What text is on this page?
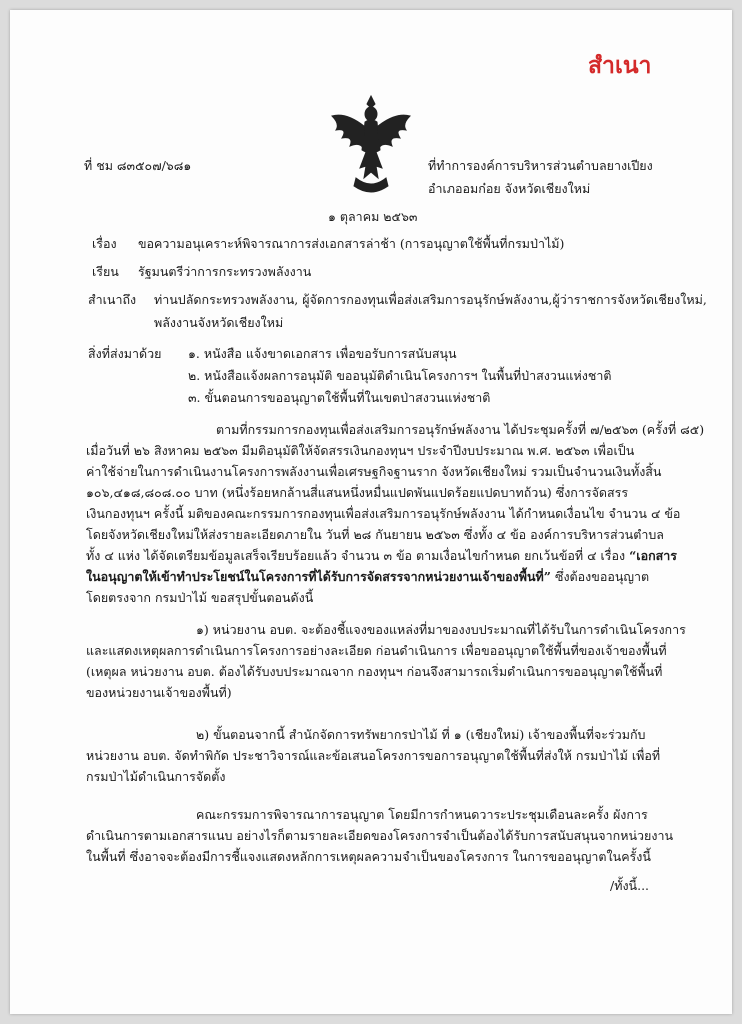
สำเนา
ที่ ชม ๘๓๕๐๗/๖๘๑	ที่ทำการองค์การบริหารส่วนตำบลยางเปียง
อำเภออมก๋อย จังหวัดเชียงใหม่
๑ ตุลาคม ๒๕๖๓
เรื่อง ขอความอนุเคราะห์พิจารณาการส่งเอกสารล่าช้า (การอนุญาตใช้พื้นที่กรมป่าไม้)
เรียน รัฐมนตรีว่าการกระทรวงพลังงาน
สำเนาถึง ท่านปลัดกระทรวงพลังงาน, ผู้จัดการกองทุนเพื่อส่งเสริมการอนุรักษ์พลังงาน,ผู้ว่าราชการจังหวัดเชียงใหม่,
พลังงานจังหวัดเชียงใหม่
สิ่งที่ส่งมาด้วย ๑. หนังสือ แจ้งขาดเอกสาร เพื่อขอรับการสนับสนุน
๒. หนังสือแจ้งผลการอนุมัติ ขออนุมัติดำเนินโครงการฯ ในพื้นที่ป่าสงวนแห่งชาติ
๓. ขั้นตอนการขออนุญาตใช้พื้นที่ในเขตป่าสงวนแห่งชาติ
ตามที่กรรมการกองทุนเพื่อส่งเสริมการอนุรักษ์พลังงาน ได้ประชุมครั้งที่ ๗/๒๕๖๓ (ครั้งที่ ๘๕)
เมื่อวันที่ ๒๖ สิงหาคม ๒๕๖๓ มีมติอนุมัติให้จัดสรรเงินกองทุนฯ ประจำปีงบประมาณ พ.ศ. ๒๕๖๓ เพื่อเป็น
ค่าใช้จ่ายในการดำเนินงานโครงการพลังงานเพื่อเศรษฐกิจฐานราก จังหวัดเชียงใหม่ รวมเป็นจำนวนเงินทั้งสิ้น
๑๐๖,๔๑๘,๘๐๘.๐๐ บาท (หนึ่งร้อยหกล้านสี่แสนหนึ่งหมื่นแปดพันแปดร้อยแปดบาทถ้วน) ซึ่งการจัดสรร
เงินกองทุนฯ ครั้งนี้ มติของคณะกรรมการกองทุนเพื่อส่งเสริมการอนุรักษ์พลังงาน ได้กำหนดเงื่อนไข จำนวน ๔ ข้อ
โดยจังหวัดเชียงใหม่ให้ส่งรายละเอียดภายใน วันที่ ๒๘ กันยายน ๒๕๖๓ ซึ่งทั้ง ๔ ข้อ องค์การบริหารส่วนตำบล
ทั้ง ๔ แห่ง ได้จัดเตรียมข้อมูลเสร็จเรียบร้อยแล้ว จำนวน ๓ ข้อ ตามเงื่อนไขกำหนด ยกเว้นข้อที่ ๔ เรื่อง “เอกสาร
ในอนุญาตให้เข้าทำประโยชน์ในโครงการที่ได้รับการจัดสรรจากหน่วยงานเจ้าของพื้นที่” ซึ่งต้องขออนุญาต
โดยตรงจาก กรมป่าไม้ ขอสรุปขั้นตอนดังนี้
๑) หน่วยงาน อบต. จะต้องชี้แจงของแหล่งที่มาของงบประมาณที่ได้รับในการดำเนินโครงการ
และแสดงเหตุผลการดำเนินการโครงการอย่างละเอียด ก่อนดำเนินการ เพื่อขออนุญาตใช้พื้นที่ของเจ้าของพื้นที่
(เหตุผล หน่วยงาน อบต. ต้องได้รับงบประมาณจาก กองทุนฯ ก่อนจึงสามารถเริ่มดำเนินการขออนุญาตใช้พื้นที่
ของหน่วยงานเจ้าของพื้นที่)
๒) ขั้นตอนจากนี้ สำนักจัดการทรัพยากรป่าไม้ ที่ ๑ (เชียงใหม่) เจ้าของพื้นที่จะร่วมกับ
หน่วยงาน อบต. จัดทำพิกัด ประชาวิจารณ์และข้อเสนอโครงการขอการอนุญาตใช้พื้นที่ส่งให้ กรมป่าไม้ เพื่อที่
กรมป่าไม้ดำเนินการจัดตั้ง
คณะกรรมการพิจารณาการอนุญาต โดยมีการกำหนดวาระประชุมเดือนละครั้ง ผังการ
ดำเนินการตามเอกสารแนบ อย่างไรก็ตามรายละเอียดของโครงการจำเป็นต้องได้รับการสนับสนุนจากหน่วยงาน
ในพื้นที่ ซึ่งอาจจะต้องมีการชี้แจงแสดงหลักการเหตุผลความจำเป็นของโครงการ ในการขออนุญาตในครั้งนี้
/ทั้งนี้...
